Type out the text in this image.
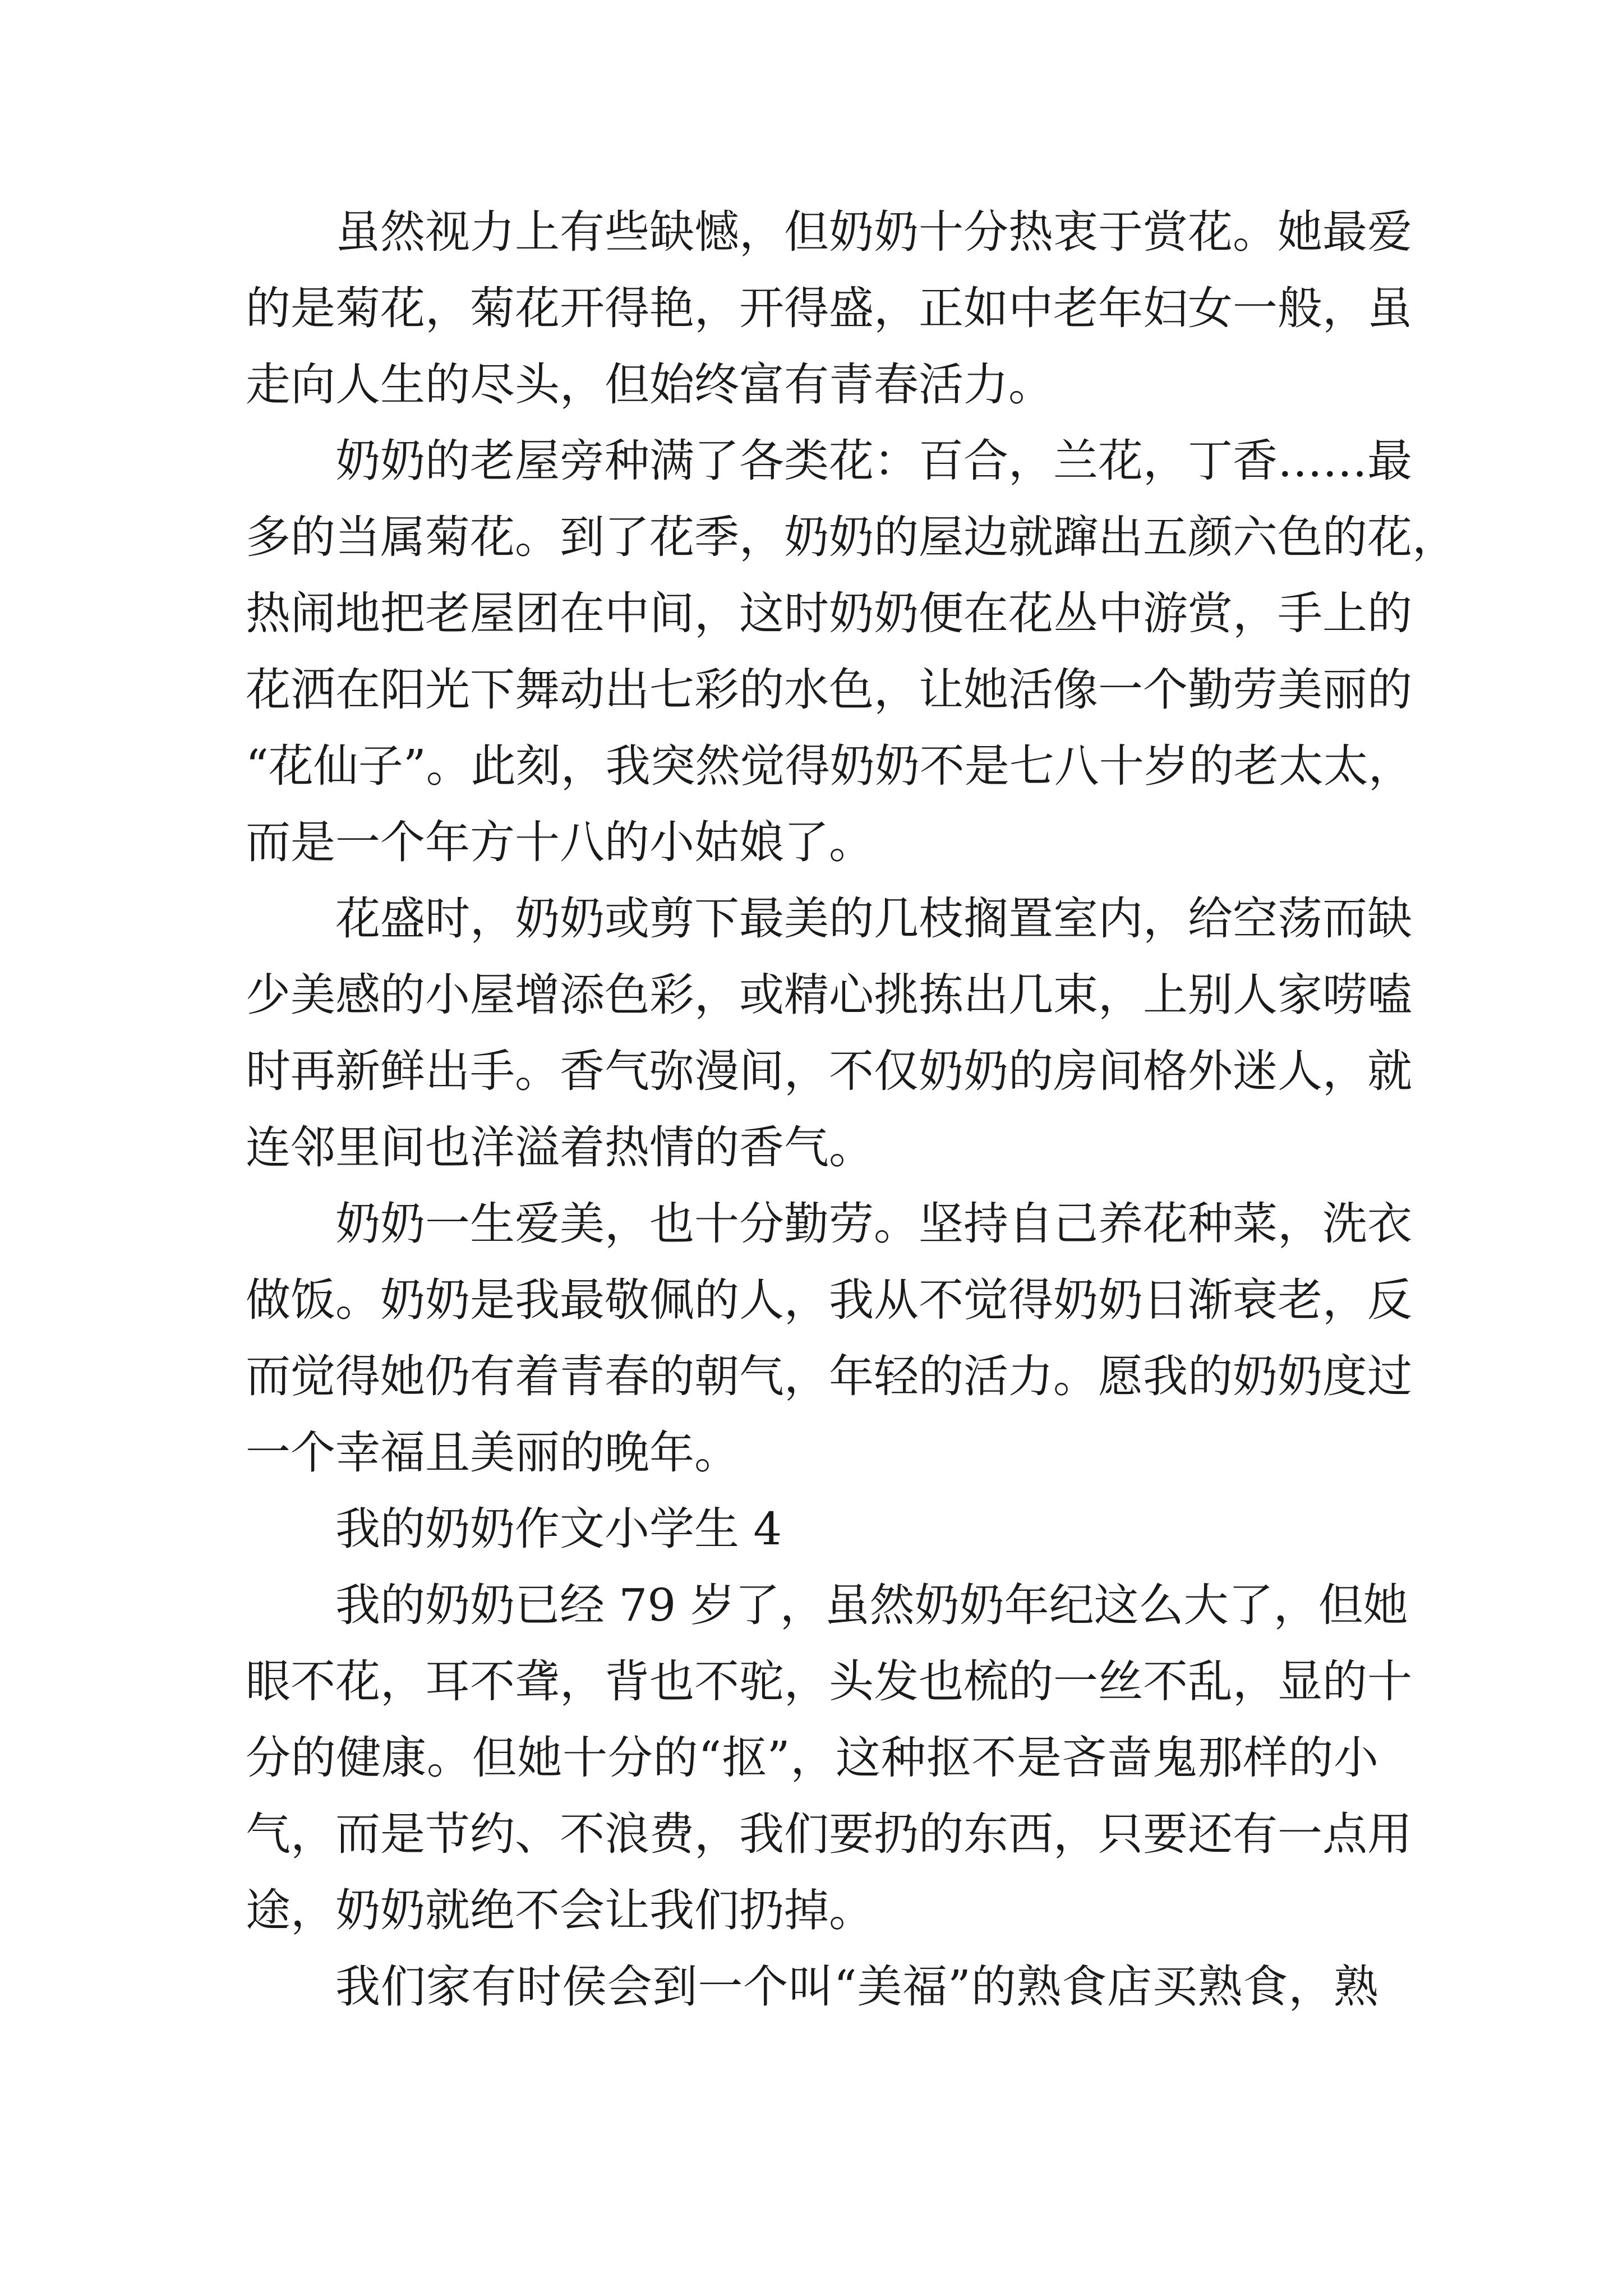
虽然视力上有些缺憾，但奶奶十分热衷于赏花。她最爱
的是菊花，菊花开得艳，开得盛，正如中老年妇女一般，虽
走向人生的尽头，但始终富有青春活力。
奶奶的老屋旁种满了各类花：百合，兰花，丁香……最
多的当属菊花。到了花季，奶奶的屋边就蹿出五颜六色的花，
热闹地把老屋团在中间，这时奶奶便在花丛中游赏，手上的
花洒在阳光下舞动出七彩的水色，让她活像一个勤劳美丽的
“花仙子”。此刻，我突然觉得奶奶不是七八十岁的老太太，
而是一个年方十八的小姑娘了。
花盛时，奶奶或剪下最美的几枝搁置室内，给空荡而缺
少美感的小屋增添色彩，或精心挑拣出几束，上别人家唠嗑
时再新鲜出手。香气弥漫间，不仅奶奶的房间格外迷人，就
连邻里间也洋溢着热情的香气。
奶奶一生爱美，也十分勤劳。坚持自己养花种菜，洗衣
做饭。奶奶是我最敬佩的人，我从不觉得奶奶日渐衰老，反
而觉得她仍有着青春的朝气，年轻的活力。愿我的奶奶度过
一个幸福且美丽的晚年。
我的奶奶作文小学生 4
我的奶奶已经 79 岁了，虽然奶奶年纪这么大了，但她
眼不花，耳不聋，背也不驼，头发也梳的一丝不乱，显的十
分的健康。但她十分的“抠”，这种抠不是吝啬鬼那样的小
气，而是节约、不浪费，我们要扔的东西，只要还有一点用
途，奶奶就绝不会让我们扔掉。
我们家有时侯会到一个叫“美福”的熟食店买熟食，熟
